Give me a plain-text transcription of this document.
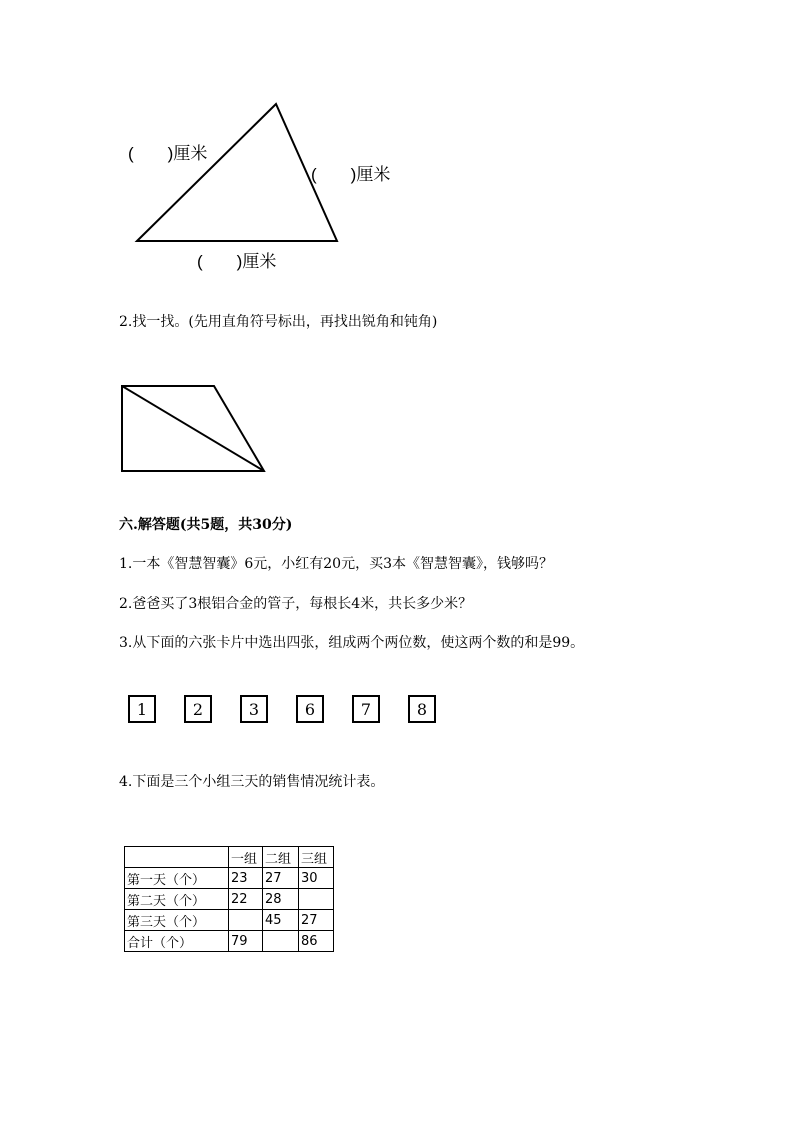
(　　)厘米
(　　)厘米
(　　)厘米
2.找一找。(先用直角符号标出，再找出锐角和钝角)
六.解答题(共5题，共30分)
1.一本《智慧智囊》6元，小红有20元，买3本《智慧智囊》，钱够吗？
2.爸爸买了3根铝合金的管子，每根长4米，共长多少米？
3.从下面的六张卡片中选出四张，组成两个两位数，使这两个数的和是99。
1	2	3	6	7	8
4.下面是三个小组三天的销售情况统计表。
	一组	二组	三组
第一天（个）	23	27	30
第二天（个）	22	28	
第三天（个）		45	27
合计（个）	79		86
